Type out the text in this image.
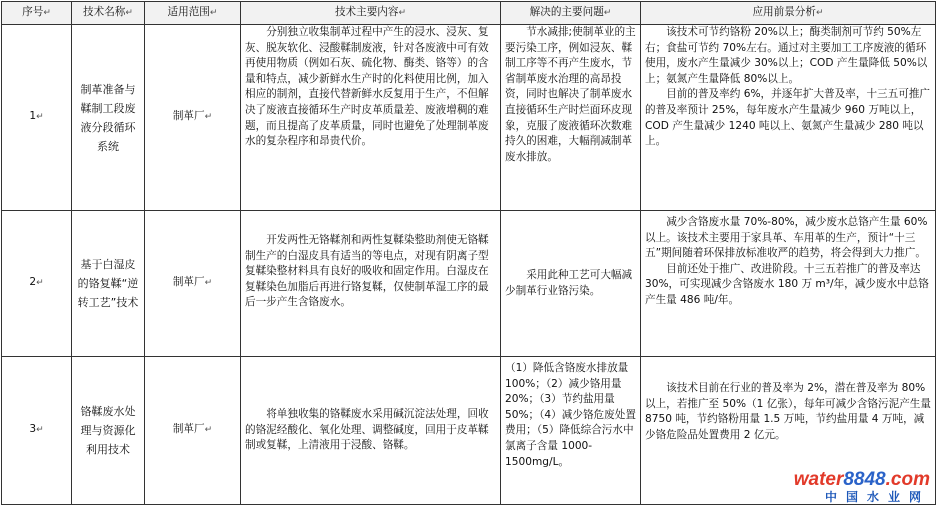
序号↵	技术名称↵	适用范围↵	技术主要内容↵	解决的主要问题↵	应用前景分析↵
1↵	制革准备与鞣制工段废液分段循环系统	制革厂↵	分别独立收集制革过程中产生的浸水、浸灰、复灰、脱灰软化、浸酸鞣制废液，针对各废液中可有效再使用物质（例如石灰、硫化物、酶类、铬等）的含量和特点，减少新鲜水生产时的化料使用比例，加入相应的制剂，直接代替新鲜水反复用于生产，不但解决了废液直接循环生产时皮革质量差、废液增稠的难题，而且提高了皮革质量，同时也避免了处理制革废水的复杂程序和昂贵代价。	节水减排;使制革业的主要污染工序，例如浸灰、鞣制工序等不再产生废水，节省制革废水治理的高昂投资，同时也解决了制革废水直接循环生产时烂面环皮现象，克服了废液循环次数难持久的困难，大幅削减制革废水排放。	该技术可节约铬粉 20%以上；酶类制剂可节约 50%左右；食盐可节约 70%左右。通过对主要加工工序废液的循环使用，废水产生量减少 30%以上；COD 产生量降低 50%以上；氨氮产生量降低 80%以上。

目前的普及率约 6%，并逐年扩大普及率，十三五可推广的普及率预计 25%，每年废水产生量减少 960 万吨以上，COD 产生量减少 1240 吨以上、氨氮产生量减少 280 吨以上。

2↵	基于白湿皮的铬复鞣“逆转工艺”技术	制革厂↵	开发两性无铬鞣剂和两性复鞣染整助剂使无铬鞣制生产的白湿皮具有适当的等电点，对现有阴离子型复鞣染整材料具有良好的吸收和固定作用。白湿皮在复鞣染色加脂后再进行铬复鞣，仅使制革湿工序的最后一步产生含铬废水。	采用此种工艺可大幅减少制革行业铬污染。	减少含铬废水量 70%-80%，减少废水总铬产生量 60%以上。该技术主要用于家具革、车用革的生产，预计“十三五”期间随着环保排放标准收严的趋势，将会得到大力推广。

目前还处于推广、改进阶段。十三五若推广的普及率达 30%，可实现减少含铬废水 180 万 m³/年，减少废水中总铬产生量 486 吨/年。

3↵	铬鞣废水处理与资源化利用技术	制革厂↵	将单独收集的铬鞣废水采用碱沉淀法处理，回收的铬泥经酸化、氧化处理、调整碱度，回用于皮革鞣制或复鞣，上清液用于浸酸、铬鞣。	（1）降低含铬废水排放量 100%；（2）减少铬用量 20%；（3）节约盐用量 50%；（4）减少铬危废处置费用；（5）降低综合污水中氯离子含量 1000-1500mg/L。	该技术目前在行业的普及率为 2%，潜在普及率为 80%以上，若推广至 50%（1 亿张），每年可减少含铬污泥产生量 8750 吨，节约铬粉用量 1.5 万吨，节约盐用量 4 万吨，减少铬危险品处置费用 2 亿元。

water8848.com
中国水业网
